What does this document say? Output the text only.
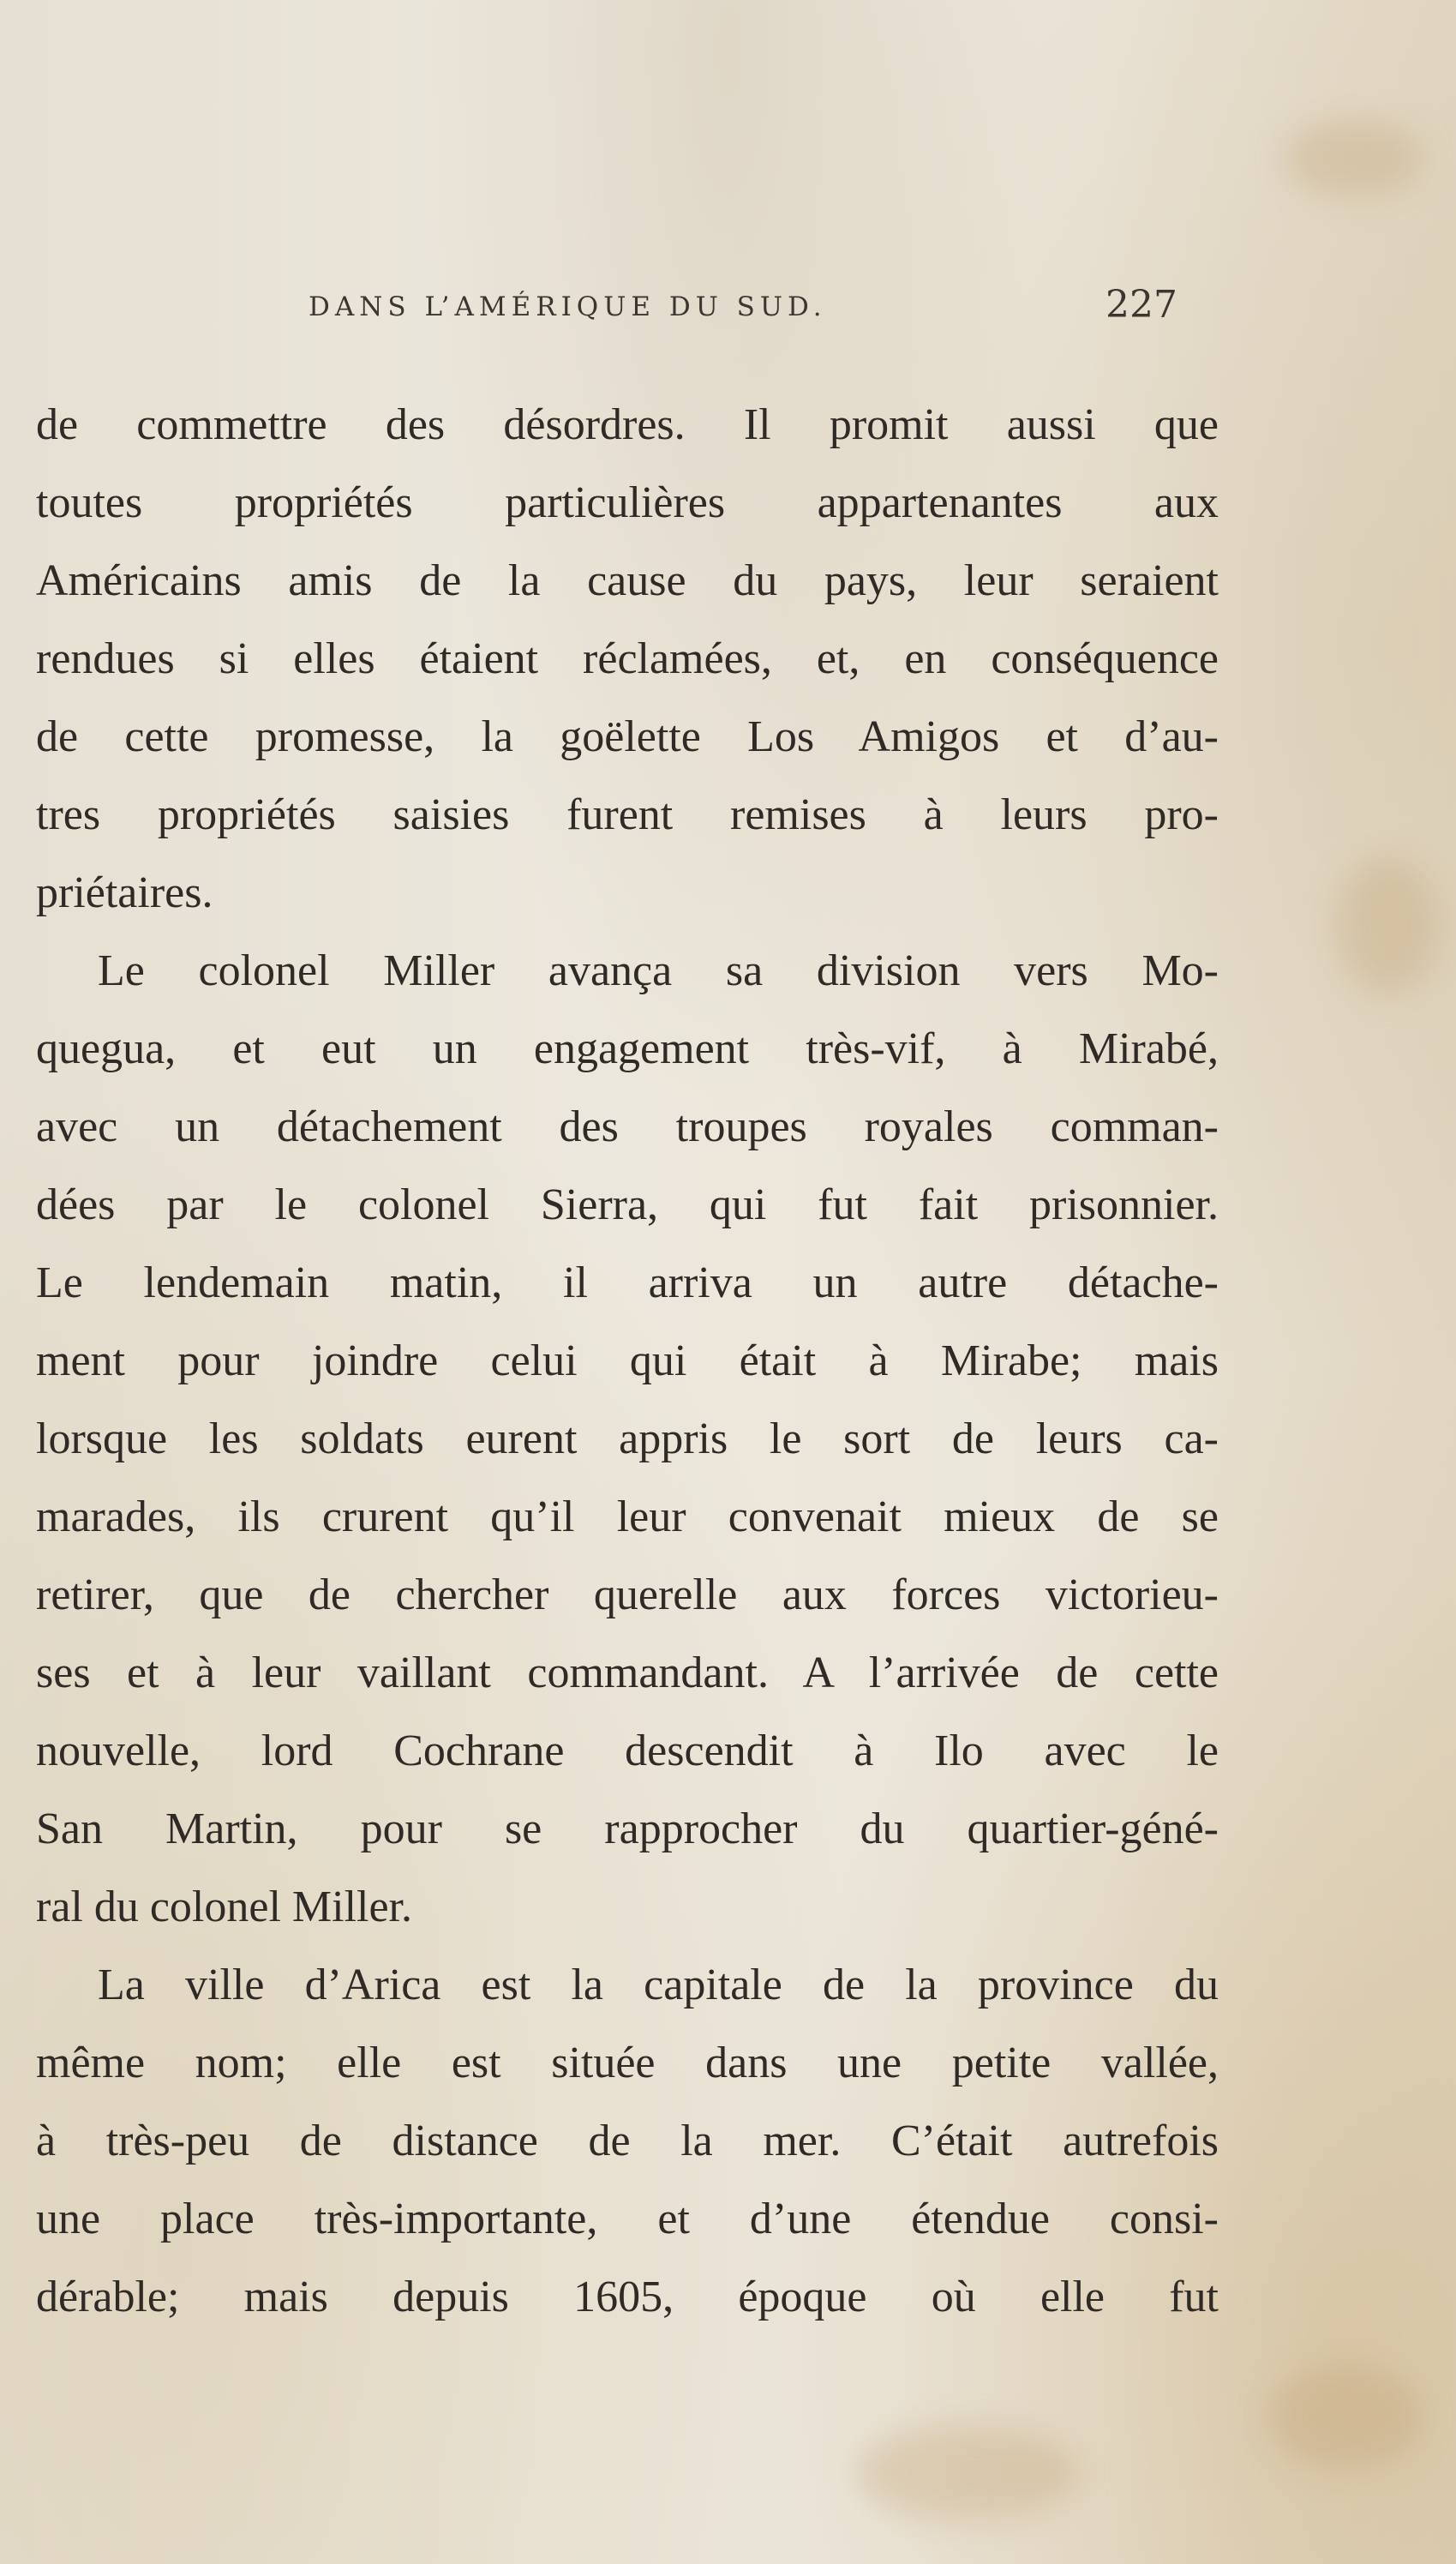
DANS L’AMÉRIQUE DU SUD.	227
de commettre des désordres. Il promit aussi que
toutes propriétés particulières appartenantes aux
Américains amis de la cause du pays, leur seraient
rendues si elles étaient réclamées, et, en conséquence
de cette promesse, la goëlette Los Amigos et d’au-
tres propriétés saisies furent remises à leurs pro-
priétaires.
Le colonel Miller avança sa division vers Mo-
quegua, et eut un engagement très-vif, à Mirabé,
avec un détachement des troupes royales comman-
dées par le colonel Sierra, qui fut fait prisonnier.
Le lendemain matin, il arriva un autre détache-
ment pour joindre celui qui était à Mirabe; mais
lorsque les soldats eurent appris le sort de leurs ca-
marades, ils crurent qu’il leur convenait mieux de se
retirer, que de chercher querelle aux forces victorieu-
ses et à leur vaillant commandant. A l’arrivée de cette
nouvelle, lord Cochrane descendit à Ilo avec le
San Martin, pour se rapprocher du quartier-géné-
ral du colonel Miller.
La ville d’Arica est la capitale de la province du
même nom; elle est située dans une petite vallée,
à très-peu de distance de la mer. C’était autrefois
une place très-importante, et d’une étendue consi-
dérable; mais depuis 1605, époque où elle fut
